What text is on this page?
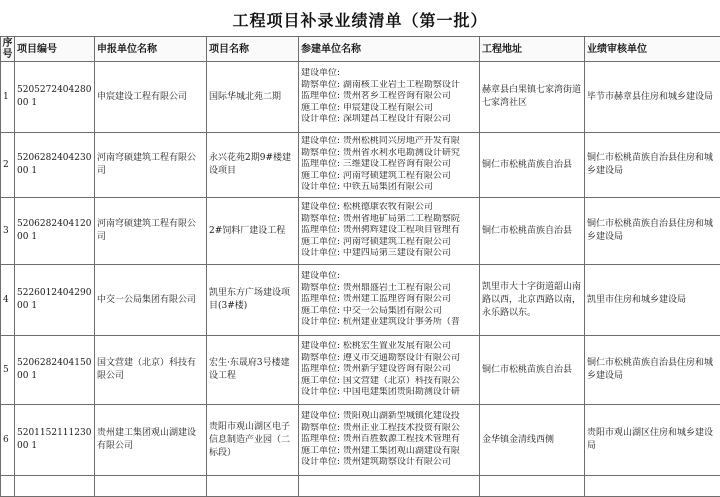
工程项目补录业绩清单（第一批）
序号	项目编号	申报单位名称	项目名称	参建单位名称	工程地址	业绩审核单位
1	520527240428000 1	申宸建设工程有限公司	国际华城北苑二期	建设单位:
勘察单位: 湖南核工业岩土工程勘察设计
监理单位: 贵州茗乡工程咨询有限公司
施工单位: 申宸建设工程有限公司
设计单位: 深圳建昌工程设计有限公司	赫章县白果镇七家湾街道七家湾社区	毕节市赫章县住房和城乡建设局
2	520628240423000 1	河南穹硕建筑工程有限公司	永兴花苑2期9#楼建设项目	建设单位: 贵州松桃同兴房地产开发有限
勘察单位: 贵州省水利水电勘测设计研究
监理单位: 三维建设工程咨询有限公司
施工单位: 河南穹硕建筑工程有限公司
设计单位: 中铁五局集团有限公司	铜仁市松桃苗族自治县	铜仁市松桃苗族自治县住房和城乡建设局
3	520628240412000 1	河南穹硕建筑工程有限公司	2#饲料厂建设工程	建设单位: 松桃德康农牧有限公司
勘察单位: 贵州省地矿局第二工程勘察院
监理单位: 贵州骋辉建设工程项目管理有
施工单位: 河南穹硕建筑工程有限公司
设计单位: 中建四局第三建设有限公司	铜仁市松桃苗族自治县	铜仁市松桃苗族自治县住房和城乡建设局
4	522601240429000 1	中交一公局集团有限公司	凯里东方广场建设项目(3#楼)	建设单位:
勘察单位: 贵州鼎盛岩土工程有限公司
监理单位: 贵州建工监理咨询有限公司
施工单位: 中交一公局集团有限公司
设计单位: 杭州建业建筑设计事务所（普	凯里市大十字街道韶山南路以西，北京西路以南，永乐路以东。	凯里市住房和城乡建设局
5	520628240415000 1	国文营建（北京）科技有限公司	宏生·东晟府3号楼建设工程	建设单位: 松桃宏生置业发展有限公司
勘察单位: 遵义市交通勘察设计有限公司
监理单位: 贵州新宇建设咨询有限公司
施工单位: 国文营建（北京）科技有限公
设计单位: 中国电建集团贵阳勘测设计研	铜仁市松桃苗族自治县	铜仁市松桃苗族自治县住房和城乡建设局
6	520115211123000 1	贵州建工集团观山湖建设有限公司	贵阳市观山湖区电子信息制造产业园（二标段）	建设单位: 贵阳观山湖新型城镇化建设投
勘察单位: 贵州正业工程技术投资有限公
监理单位: 贵州百胜数源工程技术管理有
施工单位: 贵州建工集团观山湖建设有限
设计单位: 贵州建筑勘察设计有限公司	金华镇金清线西侧	贵阳市观山湖区住房和城乡建设局
